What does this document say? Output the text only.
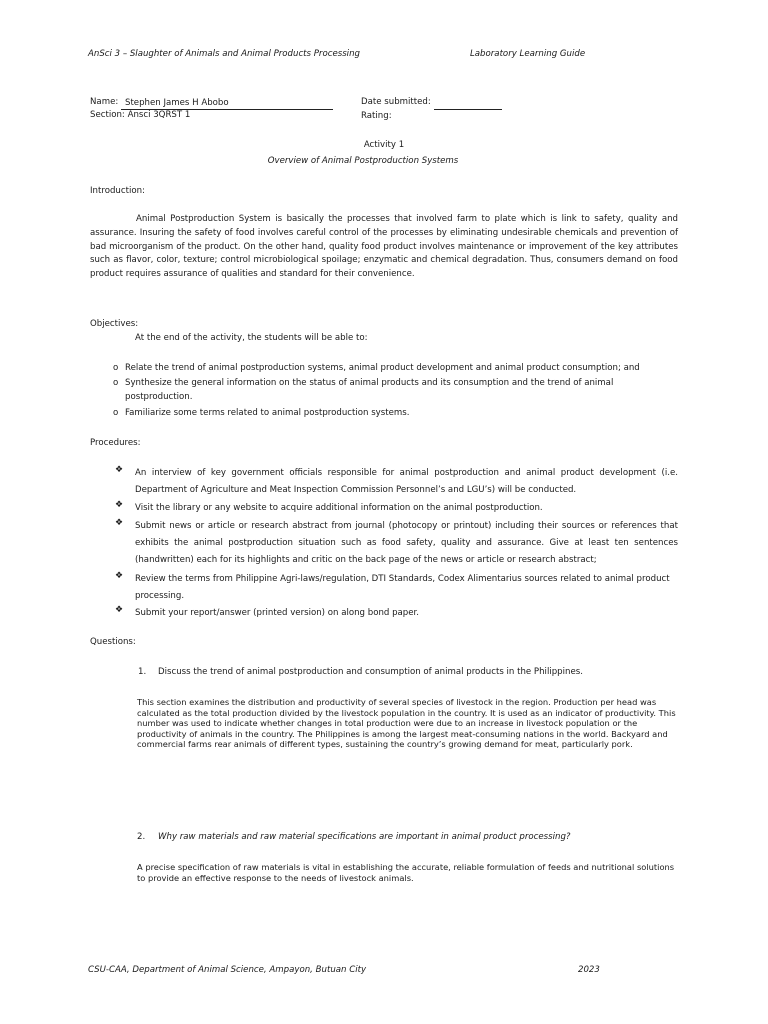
AnSci 3 – Slaughter of Animals and Animal Products Processing	Laboratory Learning Guide
Name: Stephen James H Abobo
Section: Ansci 3QRST 1
Date submitted:
Rating:
Activity 1
Overview of Animal Postproduction Systems
Introduction:

Animal Postproduction System is basically the processes that involved farm to plate which is link to safety, quality and assurance. Insuring the safety of food involves careful control of the processes by eliminating undesirable chemicals and prevention of bad microorganism of the product. On the other hand, quality food product involves maintenance or improvement of the key attributes such as flavor, color, texture; control microbiological spoilage; enzymatic and chemical degradation. Thus, consumers demand on food product requires assurance of qualities and standard for their convenience.

Objectives:
At the end of the activity, the students will be able to:
o Relate the trend of animal postproduction systems, animal product development and animal product consumption; and
o Synthesize the general information on the status of animal products and its consumption and the trend of animal postproduction.
o Familiarize some terms related to animal postproduction systems.
Procedures:
❖ An interview of key government officials responsible for animal postproduction and animal product development (i.e. Department of Agriculture and Meat Inspection Commission Personnel’s and LGU’s) will be conducted.
❖ Visit the library or any website to acquire additional information on the animal postproduction.
❖ Submit news or article or research abstract from journal (photocopy or printout) including their sources or references that exhibits the animal postproduction situation such as food safety, quality and assurance. Give at least ten sentences (handwritten) each for its highlights and critic on the back page of the news or article or research abstract;
❖ Review the terms from Philippine Agri-laws/regulation, DTI Standards, Codex Alimentarius sources related to animal product processing.
❖ Submit your report/answer (printed version) on along bond paper.
Questions:
1. Discuss the trend of animal postproduction and consumption of animal products in the Philippines.

This section examines the distribution and productivity of several species of livestock in the region. Production per head was calculated as the total production divided by the livestock population in the country. It is used as an indicator of productivity. This number was used to indicate whether changes in total production were due to an increase in livestock population or the productivity of animals in the country. The Philippines is among the largest meat-consuming nations in the world. Backyard and commercial farms rear animals of different types, sustaining the country’s growing demand for meat, particularly pork.

2. Why raw materials and raw material specifications are important in animal product processing?

A precise specification of raw materials is vital in establishing the accurate, reliable formulation of feeds and nutritional solutions to provide an effective response to the needs of livestock animals.

CSU-CAA, Department of Animal Science, Ampayon, Butuan City	2023
